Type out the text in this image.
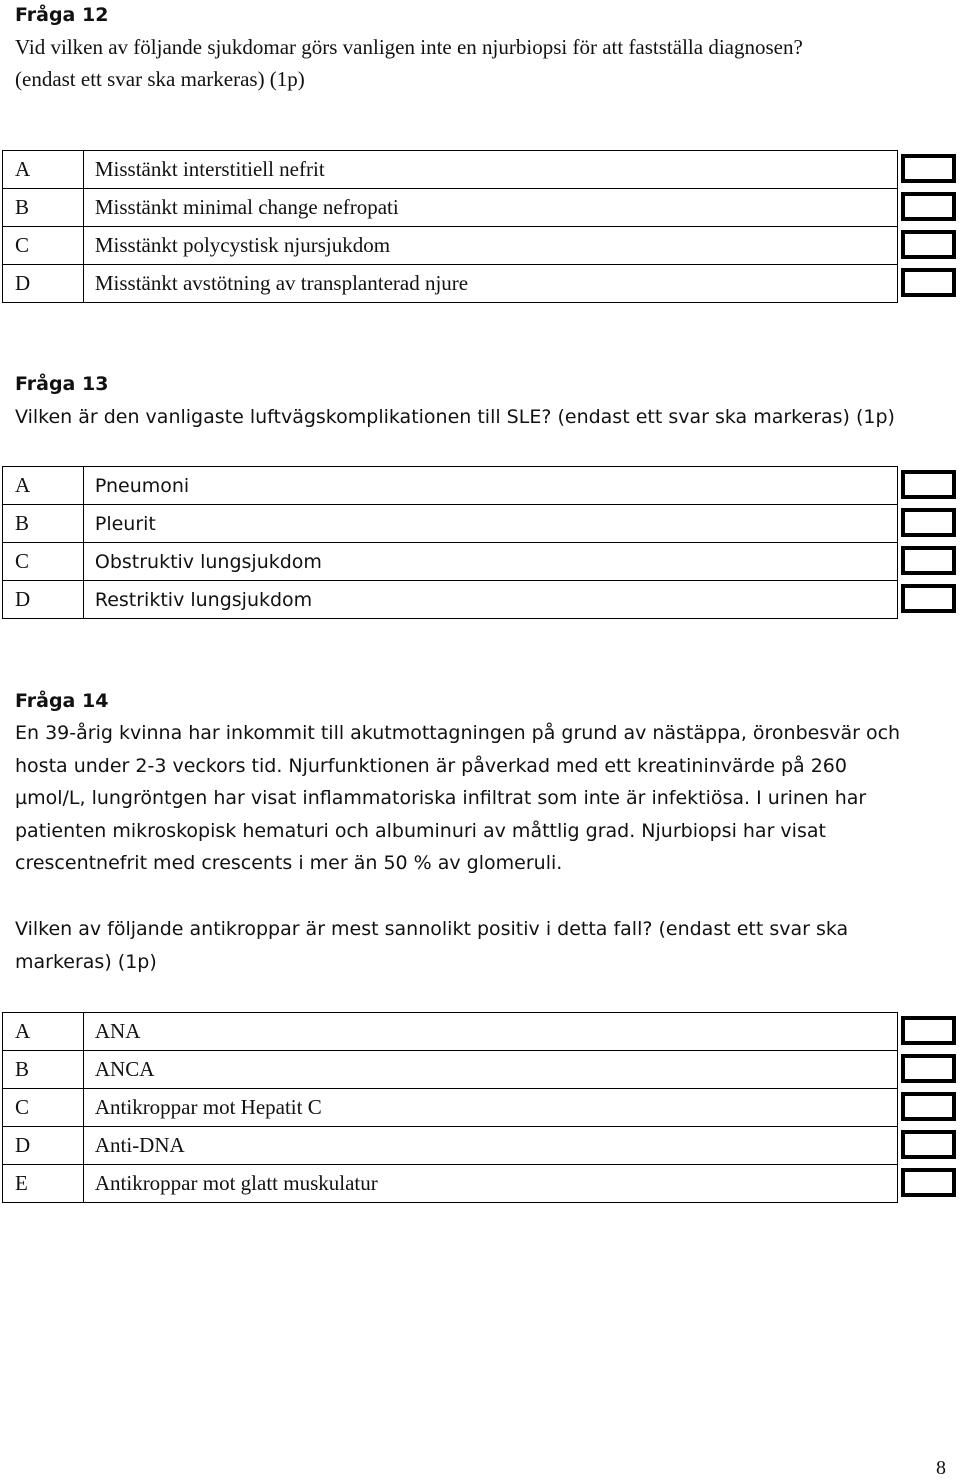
Fråga 12
Vid vilken av följande sjukdomar görs vanligen inte en njurbiopsi för att fastställa diagnosen?
(endast ett svar ska markeras) (1p)
A	Misstänkt interstitiell nefrit	

B	Misstänkt minimal change nefropati	

C	Misstänkt polycystisk njursjukdom	

D	Misstänkt avstötning av transplanterad njure	
Fråga 13
Vilken är den vanligaste luftvägskomplikationen till SLE? (endast ett svar ska markeras) (1p)
A	Pneumoni	

B	Pleurit	

C	Obstruktiv lungsjukdom	

D	Restriktiv lungsjukdom	
Fråga 14

En 39-årig kvinna har inkommit till akutmottagningen på grund av nästäppa, öronbesvär och

hosta under 2-3 veckors tid. Njurfunktionen är påverkad med ett kreatininvärde på 260

µmol/L, lungröntgen har visat inflammatoriska infiltrat som inte är infektiösa. I urinen har

patienten mikroskopisk hematuri och albuminuri av måttlig grad. Njurbiopsi har visat

crescentnefrit med crescents i mer än 50 % av glomeruli.

Vilken av följande antikroppar är mest sannolikt positiv i detta fall? (endast ett svar ska

markeras) (1p)

A	ANA	

B	ANCA	

C	Antikroppar mot Hepatit C	

D	Anti-DNA	

E	Antikroppar mot glatt muskulatur	
8
